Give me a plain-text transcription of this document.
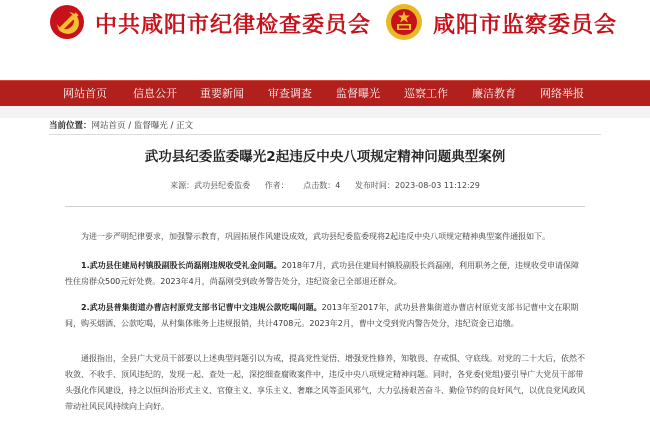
中共咸阳市纪律检查委员会	咸阳市监察委员会
网站首页 信息公开 重要新闻 审查调查 监督曝光 巡察工作 廉洁教育 网络举报
当前位置：网站首页 / 监督曝光 / 正文
武功县纪委监委曝光2起违反中央八项规定精神问题典型案例
来源：武功县纪委监委 作者： 点击数：4 发布时间：2023-08-03 11:12:29
为进一步严明纪律要求，加强警示教育，巩固拓展作风建设成效，武功县纪委监委现将2起违反中央八项规定精神典型案件通报如下。
1.武功县住建局村镇股副股长尚磊刚违规收受礼金问题。2018年7月，武功县住建局村镇股副股长尚磊刚，利用职务之便，违规收受申请保障性住房群众500元好处费。2023年4月，尚磊刚受到政务警告处分，违纪资金已全部退还群众。
2.武功县普集街道办曹店村原党支部书记曹中文违规公款吃喝问题。2013年至2017年，武功县普集街道办曹店村原党支部书记曹中文在职期间，购买烟酒、公款吃喝，从村集体账务上违规报销，共计4708元。2023年2月，曹中文受到党内警告处分，违纪资金已追缴。
通报指出，全县广大党员干部要以上述典型问题引以为戒，提高党性觉悟、增强党性修养，知敬畏、存戒惧、守底线。对党的二十大后，依然不收敛、不收手、顶风违纪的，发现一起、查处一起，深挖细查腐败案件中，违反中央八项规定精神问题。同时，各党委(党组)要引导广大党员干部带头强化作风建设，持之以恒纠治形式主义、官僚主义、享乐主义、奢靡之风等歪风邪气，大力弘扬艰苦奋斗、勤俭节约的良好风气，以优良党风政风带动社风民风持续向上向好。
